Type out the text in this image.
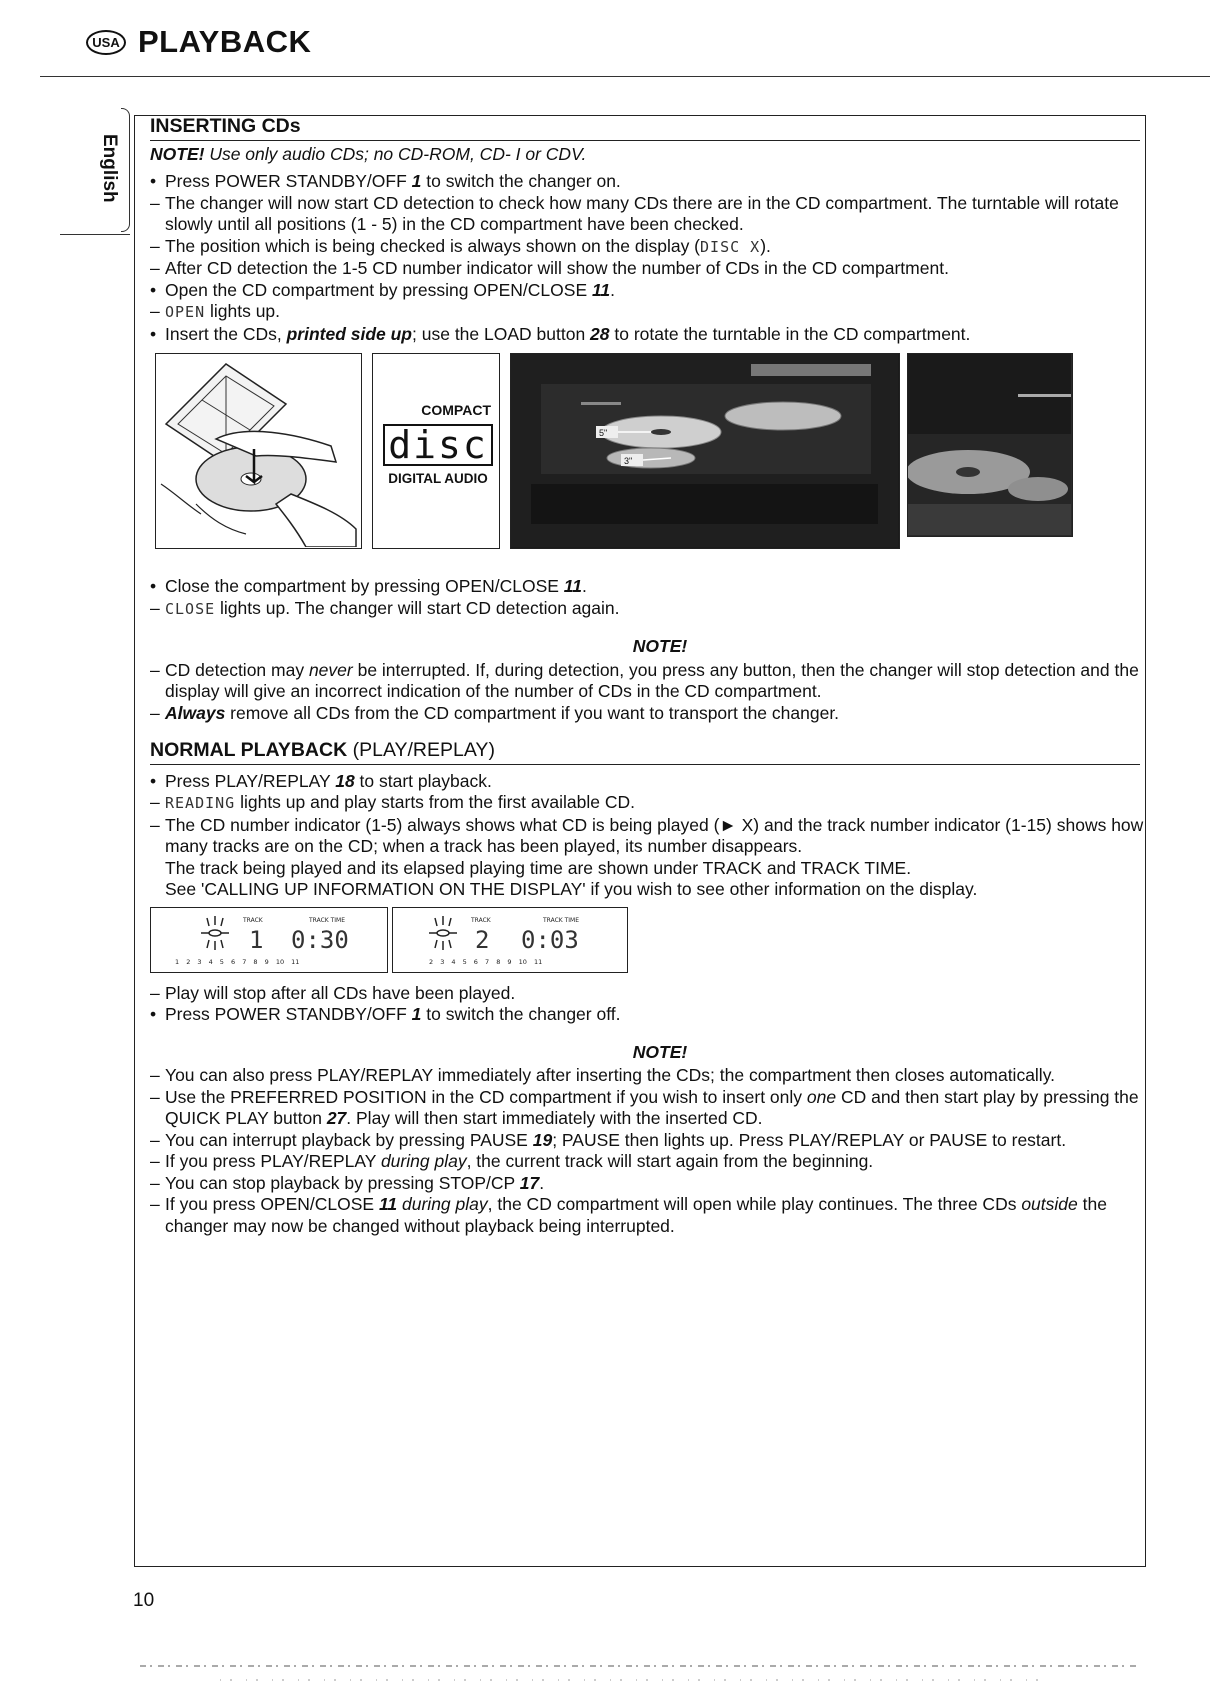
USA PLAYBACK
English
INSERTING CDs
NOTE! Use only audio CDs; no CD-ROM, CD- I or CDV.
• Press POWER STANDBY/OFF 1 to switch the changer on.
– The changer will now start CD detection to check how many CDs there are in the CD compartment. The turntable will rotate slowly until all positions (1 - 5) in the CD compartment have been checked.
– The position which is being checked is always shown on the display (DISC X).
– After CD detection the 1-5 CD number indicator will show the number of CDs in the CD compartment.
• Open the CD compartment by pressing OPEN/CLOSE 11.
– OPEN lights up.
• Insert the CDs, printed side up; use the LOAD button 28 to rotate the turntable in the CD compartment.
COMPACT
disc
DIGITAL AUDIO
5"
3"
• Close the compartment by pressing OPEN/CLOSE 11.
– CLOSE lights up. The changer will start CD detection again.
NOTE!
– CD detection may never be interrupted. If, during detection, you press any button, then the changer will stop detection and the display will give an incorrect indication of the number of CDs in the CD compartment.
– Always remove all CDs from the CD compartment if you want to transport the changer.
NORMAL PLAYBACK (PLAY/REPLAY)
• Press PLAY/REPLAY 18 to start playback.
– READING lights up and play starts from the first available CD.
– The CD number indicator (1-5) always shows what CD is being played (► X) and the track number indicator (1-15) shows how many tracks are on the CD; when a track has been played, its number disappears.
The track being played and its elapsed playing time are shown under TRACK and TRACK TIME.
See 'CALLING UP INFORMATION ON THE DISPLAY' if you wish to see other information on the display.
TRACK	TRACK TIME
1 0:30
1 2 3 4 5 6 7 8 9 10 11
TRACK	TRACK TIME
2 0:03
2 3 4 5 6 7 8 9 10 11
– Play will stop after all CDs have been played.
• Press POWER STANDBY/OFF 1 to switch the changer off.
NOTE!
– You can also press PLAY/REPLAY immediately after inserting the CDs; the compartment then closes automatically.
– Use the PREFERRED POSITION in the CD compartment if you wish to insert only one CD and then start play by pressing the QUICK PLAY button 27. Play will then start immediately with the inserted CD.
– You can interrupt playback by pressing PAUSE 19; PAUSE then lights up. Press PLAY/REPLAY or PAUSE to restart.
– If you press PLAY/REPLAY during play, the current track will start again from the beginning.
– You can stop playback by pressing STOP/CP 17.
– If you press OPEN/CLOSE 11 during play, the CD compartment will open while play continues. The three CDs outside the changer may now be changed without playback being interrupted.
10
